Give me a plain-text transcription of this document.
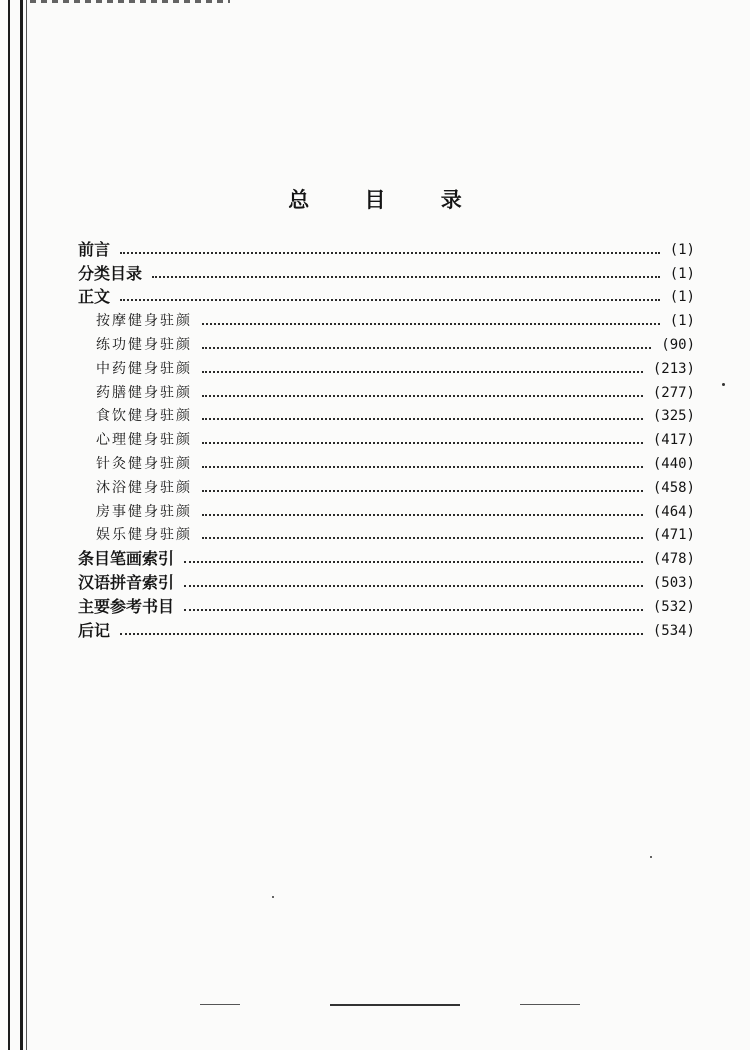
总 目 录
前言	(1)
分类目录	(1)
正文	(1)
按摩健身驻颜	(1)
练功健身驻颜	(90)
中药健身驻颜	(213)
药膳健身驻颜	(277)
食饮健身驻颜	(325)
心理健身驻颜	(417)
针灸健身驻颜	(440)
沐浴健身驻颜	(458)
房事健身驻颜	(464)
娱乐健身驻颜	(471)
条目笔画索引	(478)
汉语拼音索引	(503)
主要参考书目	(532)
后记	(534)
